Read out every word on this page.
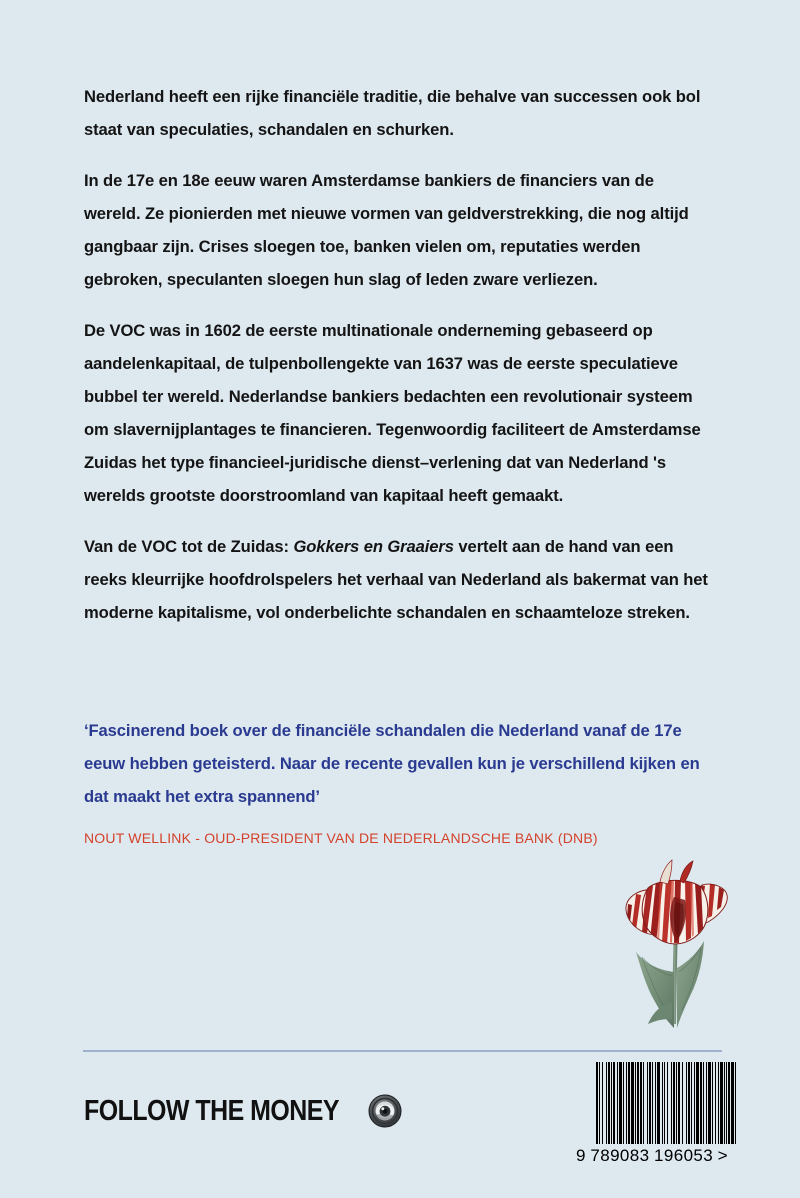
Nederland heeft een rijke financiële traditie, die behalve van successen ook bol staat van speculaties, schandalen en schurken.

In de 17e en 18e eeuw waren Amsterdamse bankiers de financiers van de wereld. Ze pionierden met nieuwe vormen van geldverstrekking, die nog altijd gangbaar zijn. Crises sloegen toe, banken vielen om, reputaties werden gebroken, speculanten sloegen hun slag of leden zware verliezen.

De VOC was in 1602 de eerste multinationale onderneming gebaseerd op aandelenkapitaal, de tulpenbollengekte van 1637 was de eerste speculatieve bubbel ter wereld. Nederlandse bankiers bedachten een revolutionair systeem om slavernijplantages te financieren. Tegenwoordig faciliteert de Amsterdamse Zuidas het type financieel-juridische dienst–verlening dat van Nederland 's werelds grootste doorstroomland van kapitaal heeft gemaakt.

Van de VOC tot de Zuidas: Gokkers en Graaiers vertelt aan de hand van een reeks kleurrijke hoofdrolspelers het verhaal van Nederland als bakermat van het moderne kapitalisme, vol onderbelichte schandalen en schaamteloze streken.

‘Fascinerend boek over de financiële schandalen die Nederland vanaf de 17e eeuw hebben geteisterd. Naar de recente gevallen kun je verschillend kijken en dat maakt het extra spannend’

NOUT WELLINK - OUD-PRESIDENT VAN DE NEDERLANDSCHE BANK (DNB)

FOLLOW THE MONEY
9 789083 196053 >
